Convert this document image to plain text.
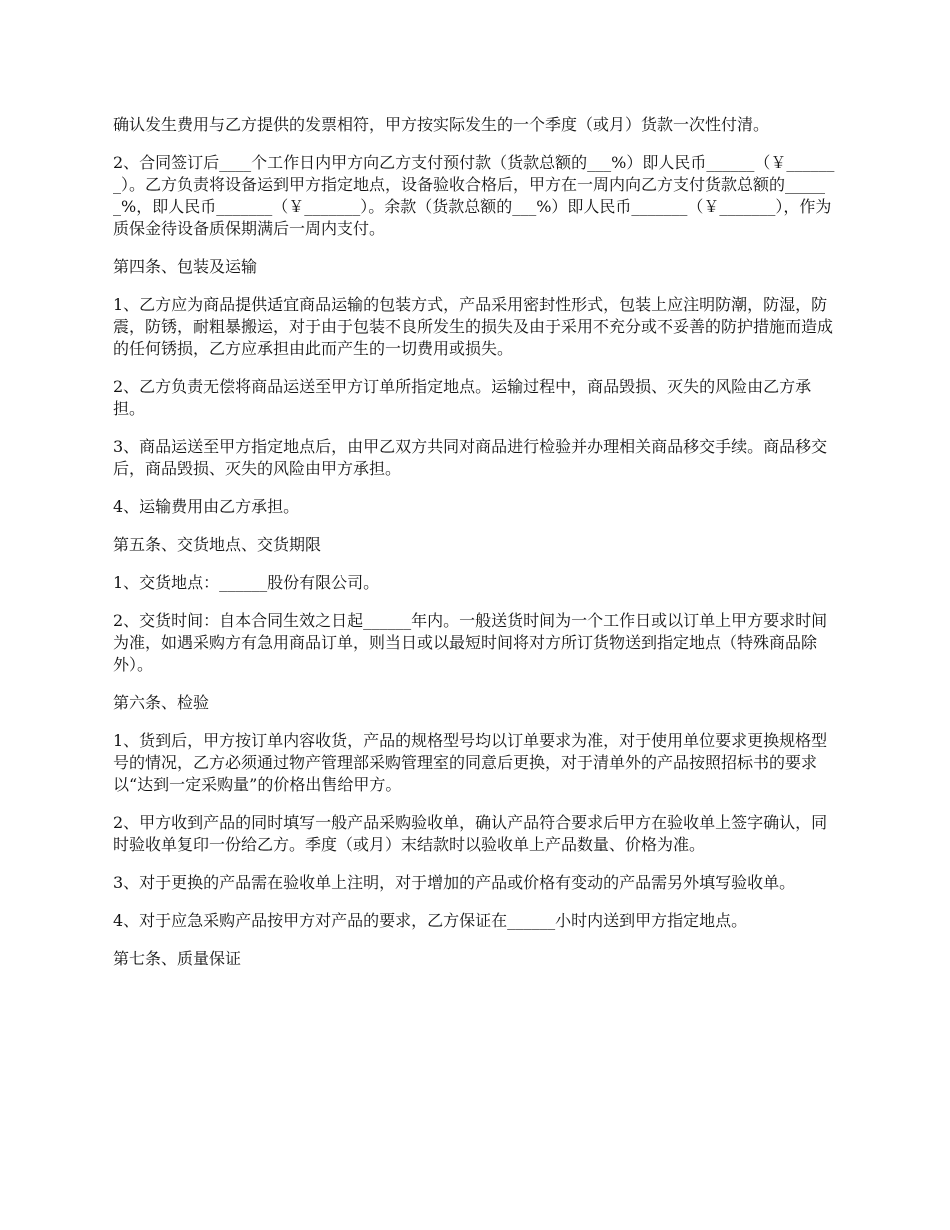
确认发生费用与乙方提供的发票相符，甲方按实际发生的一个季度（或月）货款一次性付清。

2、合同签订后____个工作日内甲方向乙方支付预付款（货款总额的___%）即人民币______（￥_______）。乙方负责将设备运到甲方指定地点，设备验收合格后，甲方在一周内向乙方支付货款总额的______%，即人民币_______（￥_______）。余款（货款总额的___%）即人民币_______（￥_______），作为质保金待设备质保期满后一周内支付。

第四条、包装及运输

1、乙方应为商品提供适宜商品运输的包装方式，产品采用密封性形式，包装上应注明防潮，防湿，防震，防锈，耐粗暴搬运，对于由于包装不良所发生的损失及由于采用不充分或不妥善的防护措施而造成的任何锈损，乙方应承担由此而产生的一切费用或损失。

2、乙方负责无偿将商品运送至甲方订单所指定地点。运输过程中，商品毁损、灭失的风险由乙方承担。

3、商品运送至甲方指定地点后，由甲乙双方共同对商品进行检验并办理相关商品移交手续。商品移交后，商品毁损、灭失的风险由甲方承担。

4、运输费用由乙方承担。

第五条、交货地点、交货期限

1、交货地点：______股份有限公司。

2、交货时间：自本合同生效之日起______年内。一般送货时间为一个工作日或以订单上甲方要求时间为准，如遇采购方有急用商品订单，则当日或以最短时间将对方所订货物送到指定地点（特殊商品除外）。

第六条、检验

1、货到后，甲方按订单内容收货，产品的规格型号均以订单要求为准，对于使用单位要求更换规格型号的情况，乙方必须通过物产管理部采购管理室的同意后更换，对于清单外的产品按照招标书的要求以“达到一定采购量”的价格出售给甲方。

2、甲方收到产品的同时填写一般产品采购验收单，确认产品符合要求后甲方在验收单上签字确认，同时验收单复印一份给乙方。季度（或月）末结款时以验收单上产品数量、价格为准。

3、对于更换的产品需在验收单上注明，对于增加的产品或价格有变动的产品需另外填写验收单。

4、对于应急采购产品按甲方对产品的要求，乙方保证在______小时内送到甲方指定地点。

第七条、质量保证
